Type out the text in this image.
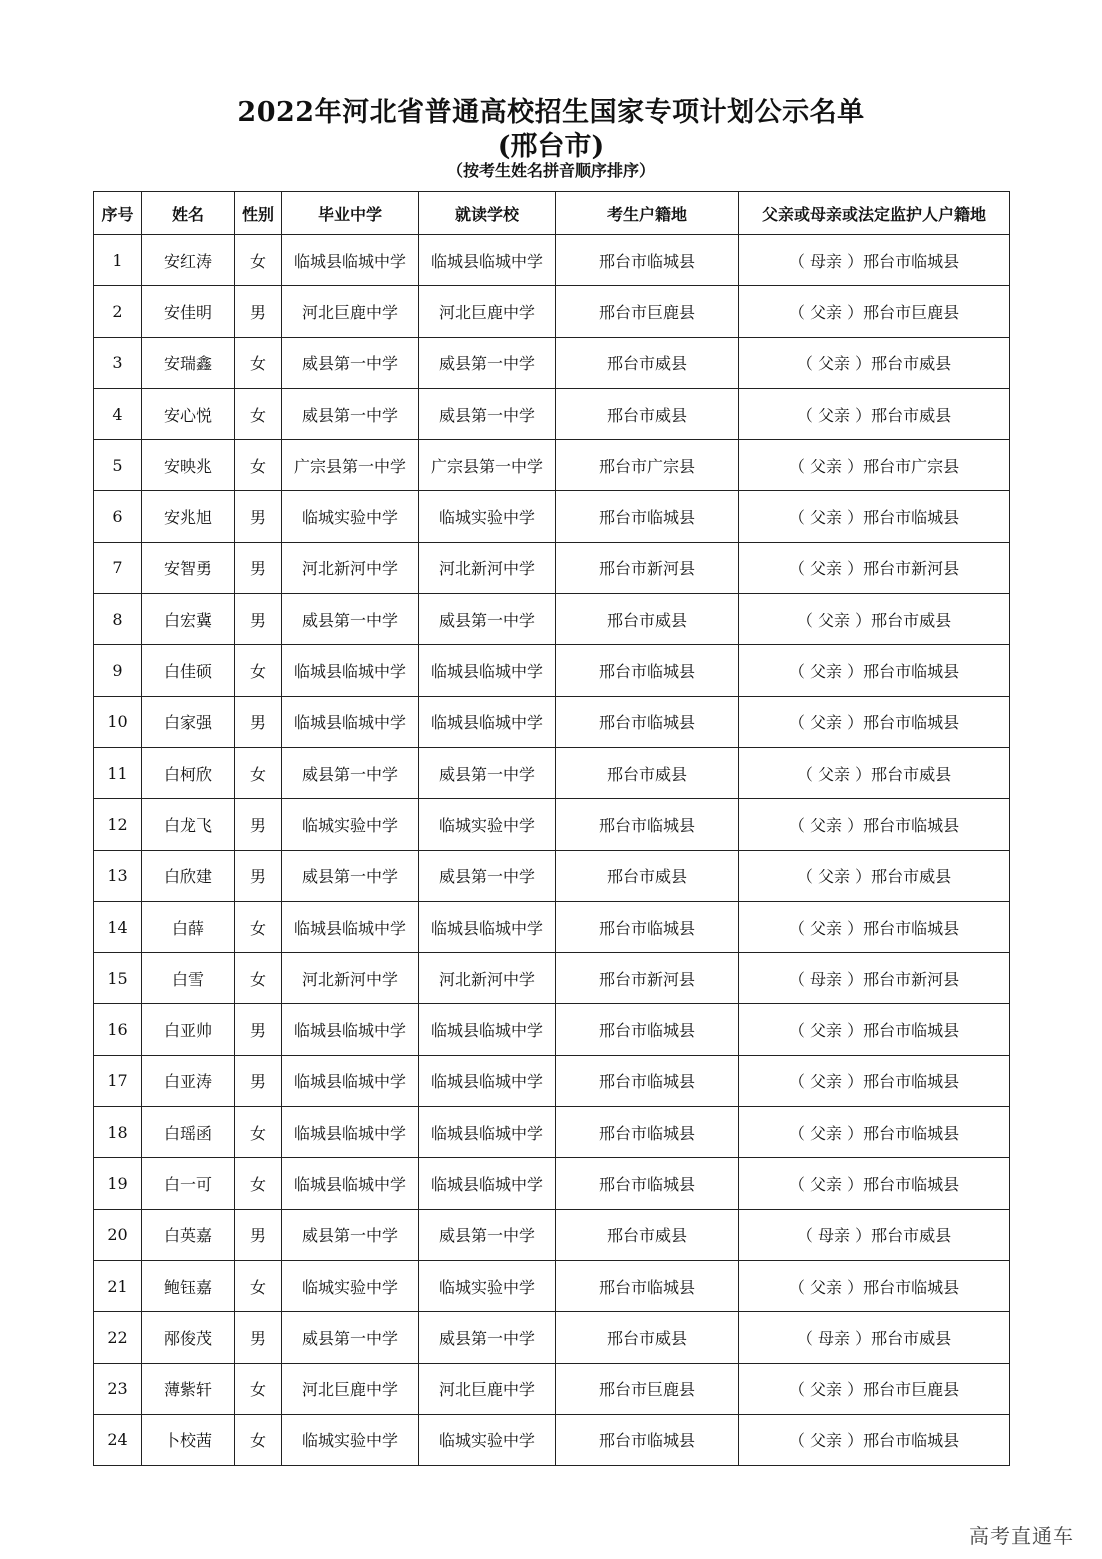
2022年河北省普通高校招生国家专项计划公示名单
(邢台市)
（按考生姓名拼音顺序排序）
序号	姓名	性别	毕业中学	就读学校	考生户籍地	父亲或母亲或法定监护人户籍地
1	安红涛	女	临城县临城中学	临城县临城中学	邢台市临城县	（ 母亲 ）邢台市临城县
2	安佳明	男	河北巨鹿中学	河北巨鹿中学	邢台市巨鹿县	（ 父亲 ）邢台市巨鹿县
3	安瑞鑫	女	威县第一中学	威县第一中学	邢台市威县	（ 父亲 ）邢台市威县
4	安心悦	女	威县第一中学	威县第一中学	邢台市威县	（ 父亲 ）邢台市威县
5	安映兆	女	广宗县第一中学	广宗县第一中学	邢台市广宗县	（ 父亲 ）邢台市广宗县
6	安兆旭	男	临城实验中学	临城实验中学	邢台市临城县	（ 父亲 ）邢台市临城县
7	安智勇	男	河北新河中学	河北新河中学	邢台市新河县	（ 父亲 ）邢台市新河县
8	白宏冀	男	威县第一中学	威县第一中学	邢台市威县	（ 父亲 ）邢台市威县
9	白佳硕	女	临城县临城中学	临城县临城中学	邢台市临城县	（ 父亲 ）邢台市临城县
10	白家强	男	临城县临城中学	临城县临城中学	邢台市临城县	（ 父亲 ）邢台市临城县
11	白柯欣	女	威县第一中学	威县第一中学	邢台市威县	（ 父亲 ）邢台市威县
12	白龙飞	男	临城实验中学	临城实验中学	邢台市临城县	（ 父亲 ）邢台市临城县
13	白欣建	男	威县第一中学	威县第一中学	邢台市威县	（ 父亲 ）邢台市威县
14	白薛	女	临城县临城中学	临城县临城中学	邢台市临城县	（ 父亲 ）邢台市临城县
15	白雪	女	河北新河中学	河北新河中学	邢台市新河县	（ 母亲 ）邢台市新河县
16	白亚帅	男	临城县临城中学	临城县临城中学	邢台市临城县	（ 父亲 ）邢台市临城县
17	白亚涛	男	临城县临城中学	临城县临城中学	邢台市临城县	（ 父亲 ）邢台市临城县
18	白瑶函	女	临城县临城中学	临城县临城中学	邢台市临城县	（ 父亲 ）邢台市临城县
19	白一可	女	临城县临城中学	临城县临城中学	邢台市临城县	（ 父亲 ）邢台市临城县
20	白英嘉	男	威县第一中学	威县第一中学	邢台市威县	（ 母亲 ）邢台市威县
21	鲍钰嘉	女	临城实验中学	临城实验中学	邢台市临城县	（ 父亲 ）邢台市临城县
22	邴俊茂	男	威县第一中学	威县第一中学	邢台市威县	（ 母亲 ）邢台市威县
23	薄紫轩	女	河北巨鹿中学	河北巨鹿中学	邢台市巨鹿县	（ 父亲 ）邢台市巨鹿县
24	卜校茜	女	临城实验中学	临城实验中学	邢台市临城县	（ 父亲 ）邢台市临城县
高考直通车
